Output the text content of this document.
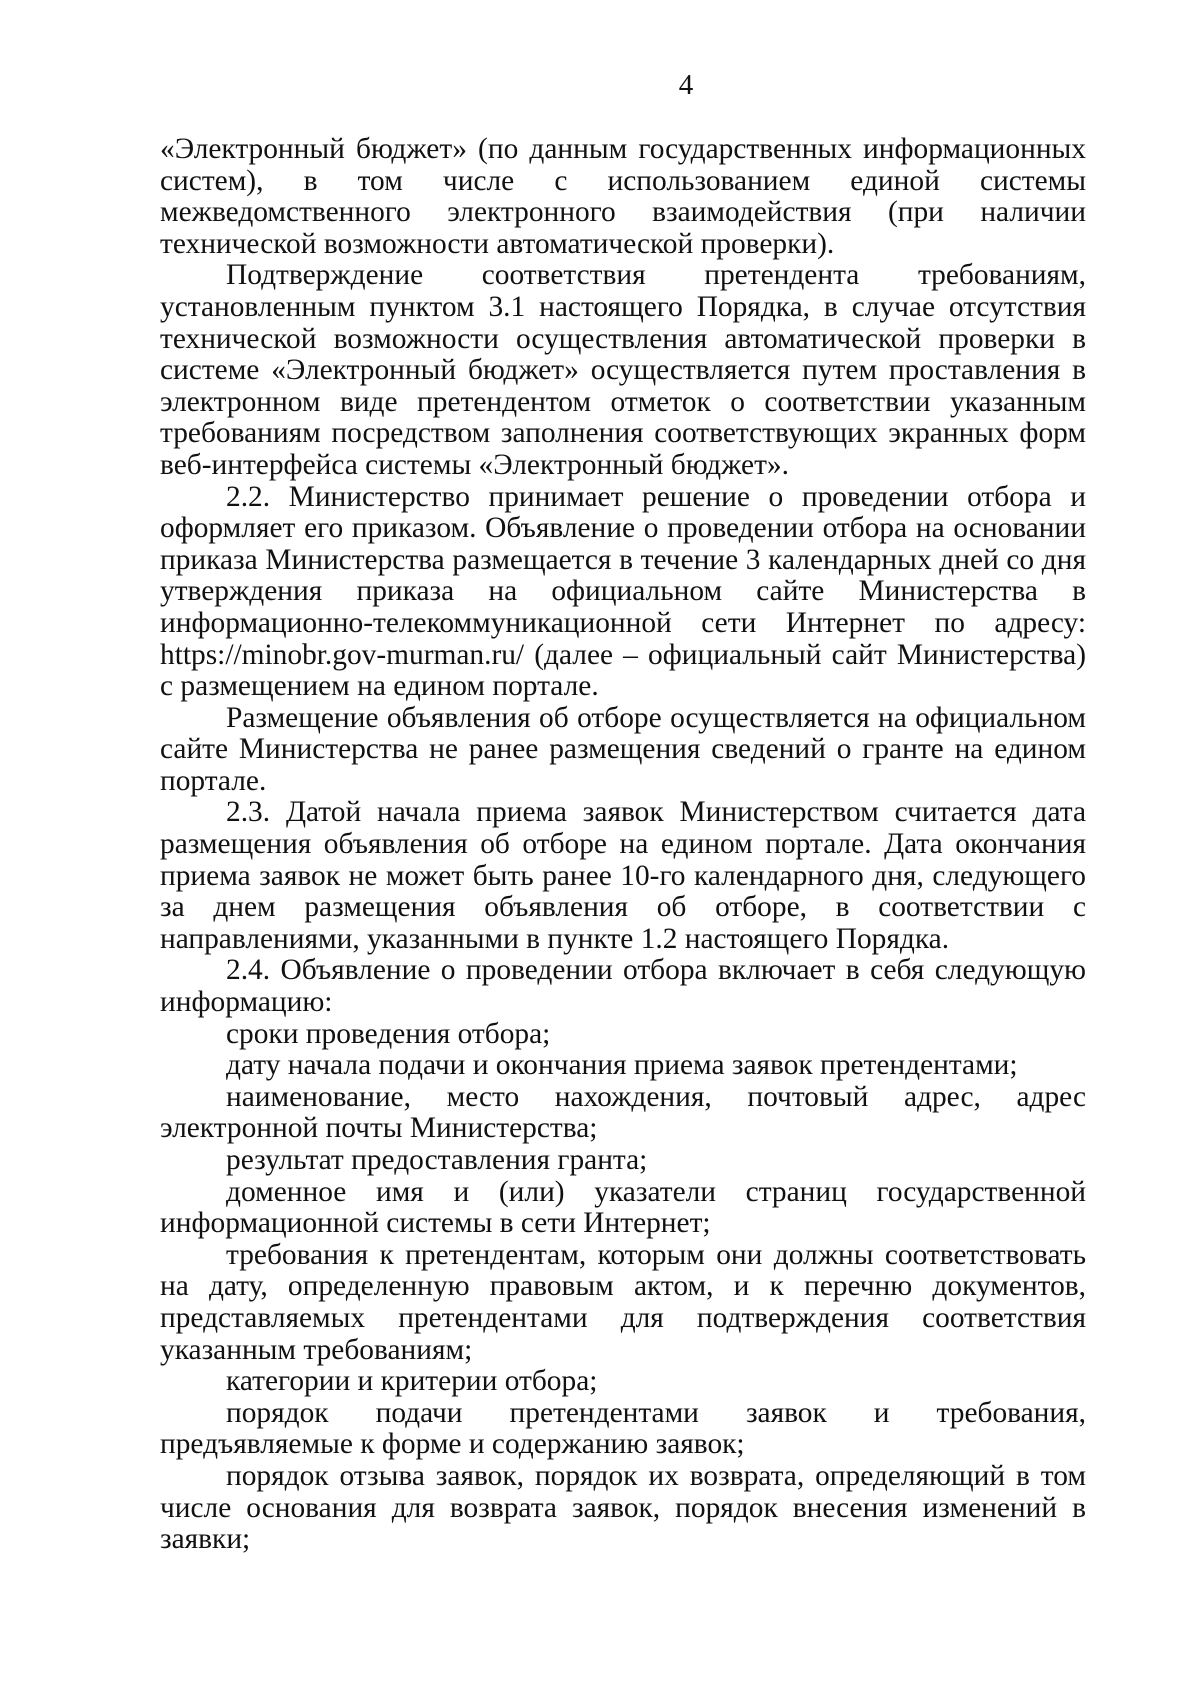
4

«Электронный бюджет» (по данным государственных информационных систем), в том числе с использованием единой системы межведомственного электронного взаимодействия (при наличии технической возможности автоматической проверки).

Подтверждение соответствия претендента требованиям, установленным пунктом 3.1 настоящего Порядка, в случае отсутствия технической возможности осуществления автоматической проверки в системе «Электронный бюджет» осуществляется путем проставления в электронном виде претендентом отметок о соответствии указанным требованиям посредством заполнения соответствующих экранных форм веб-интерфейса системы «Электронный бюджет».

2.2. Министерство принимает решение о проведении отбора и оформляет его приказом. Объявление о проведении отбора на основании приказа Министерства размещается в течение 3 календарных дней со дня утверждения приказа на официальном сайте Министерства в информационно-телекоммуникационной сети Интернет по адресу: https://minobr.gov-murman.ru/ (далее – официальный сайт Министерства) с размещением на едином портале.

Размещение объявления об отборе осуществляется на официальном сайте Министерства не ранее размещения сведений о гранте на едином портале.

2.3. Датой начала приема заявок Министерством считается дата размещения объявления об отборе на едином портале. Дата окончания приема заявок не может быть ранее 10-го календарного дня, следующего за днем размещения объявления об отборе, в соответствии с направлениями, указанными в пункте 1.2 настоящего Порядка.

2.4. Объявление о проведении отбора включает в себя следующую информацию:

сроки проведения отбора;

дату начала подачи и окончания приема заявок претендентами;

наименование, место нахождения, почтовый адрес, адрес электронной почты Министерства;

результат предоставления гранта;

доменное имя и (или) указатели страниц государственной информационной системы в сети Интернет;

требования к претендентам, которым они должны соответствовать на дату, определенную правовым актом, и к перечню документов, представляемых претендентами для подтверждения соответствия указанным требованиям;

категории и критерии отбора;

порядок подачи претендентами заявок и требования, предъявляемые к форме и содержанию заявок;

порядок отзыва заявок, порядок их возврата, определяющий в том числе основания для возврата заявок, порядок внесения изменений в заявки;
